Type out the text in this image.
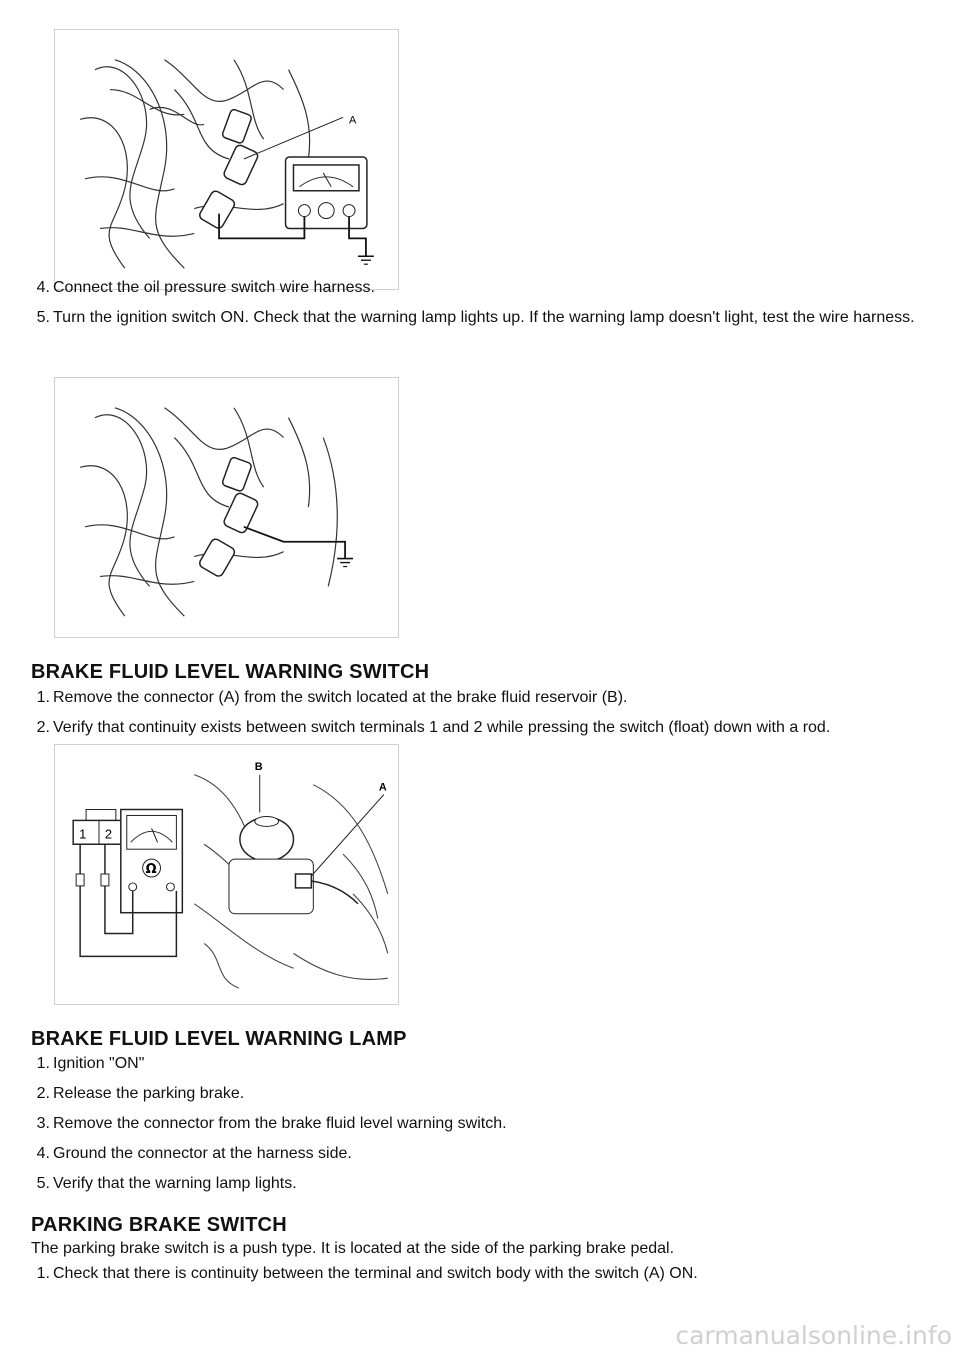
A
4. Connect the oil pressure switch wire harness.
5. Turn the ignition switch ON. Check that the warning lamp lights up. If the warning lamp doesn't light, test the wire harness.
BRAKE FLUID LEVEL WARNING SWITCH
1. Remove the connector (A) from the switch located at the brake fluid reservoir (B).
2. Verify that continuity exists between switch terminals 1 and 2 while pressing the switch (float) down with a rod.
1 2
Ω
B
A
BRAKE FLUID LEVEL WARNING LAMP
1. Ignition "ON"
2. Release the parking brake.
3. Remove the connector from the brake fluid level warning switch.
4. Ground the connector at the harness side.
5. Verify that the warning lamp lights.
PARKING BRAKE SWITCH
The parking brake switch is a push type. It is located at the side of the parking brake pedal.
1. Check that there is continuity between the terminal and switch body with the switch (A) ON.
carmanualsonline.info
